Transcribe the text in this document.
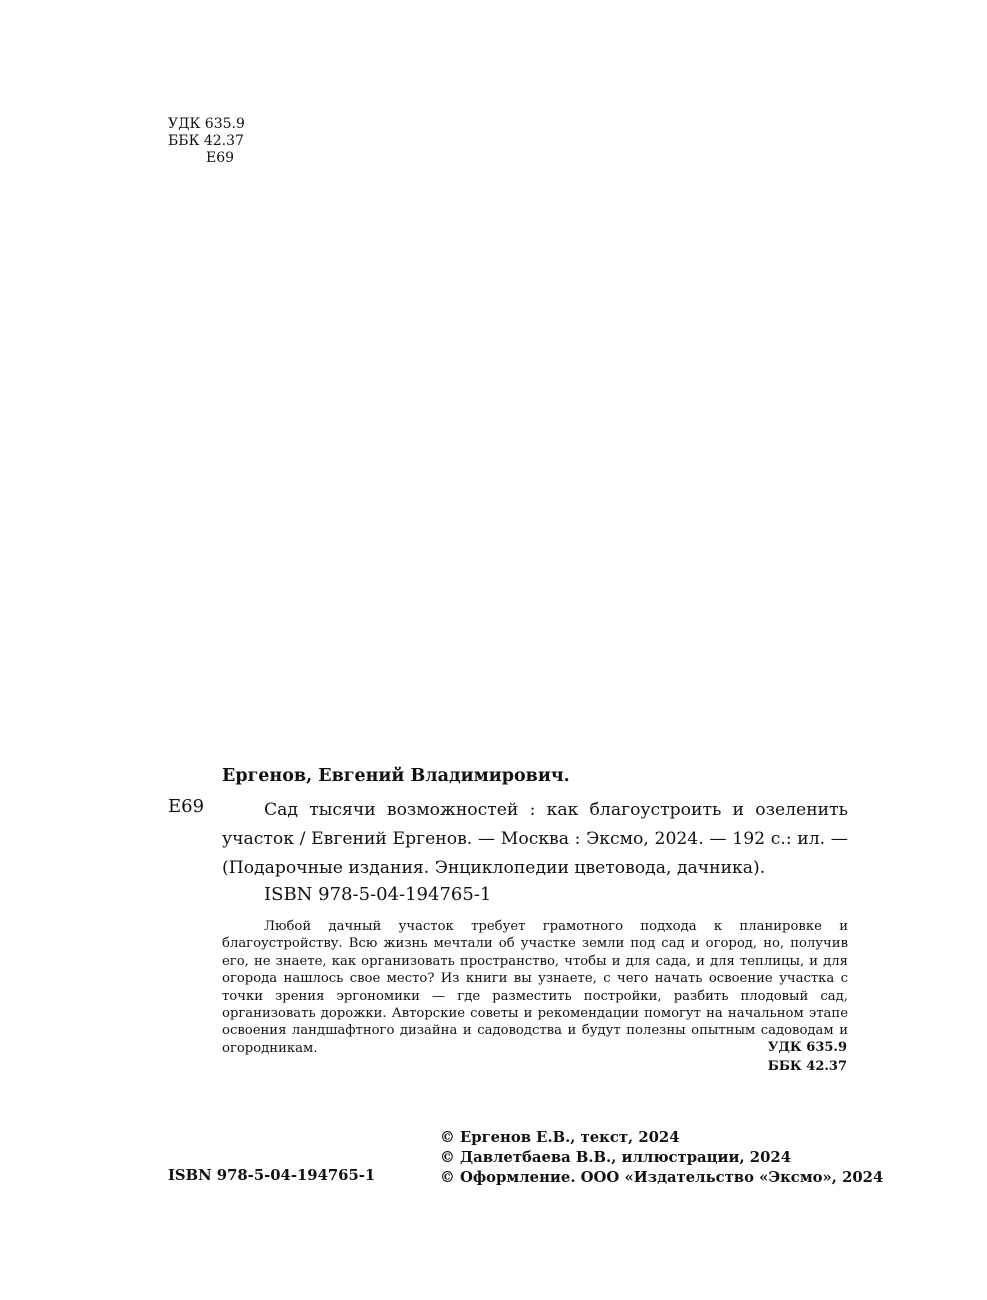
УДК 635.9
ББК 42.37
Е69
Ергенов, Евгений Владимирович.
Е69	Сад тысячи возможностей : как благоустроить и озеленить участок / Евгений Ергенов. — Москва : Эксмо, 2024. — 192 с.: ил. — (Подарочные издания. Энциклопедии цветовода, дачника).
ISBN 978-5-04-194765-1
Любой дачный участок требует грамотного подхода к планировке и благоустройству. Всю жизнь мечтали об участке земли под сад и огород, но, получив его, не знаете, как организовать пространство, чтобы и для сада, и для теплицы, и для огорода нашлось свое место? Из книги вы узнаете, с чего начать освоение участка с точки зрения эргономики — где разместить постройки, разбить плодовый сад, организовать дорожки. Авторские советы и рекомендации помогут на начальном этапе освоения ландшафтного дизайна и садоводства и будут полезны опытным садоводам и огородникам.	УДК 635.9
ББК 42.37
© Ергенов Е.В., текст, 2024
© Давлетбаева В.В., иллюстрации, 2024
© Оформление. ООО «Издательство «Эксмо», 2024
ISBN 978-5-04-194765-1
